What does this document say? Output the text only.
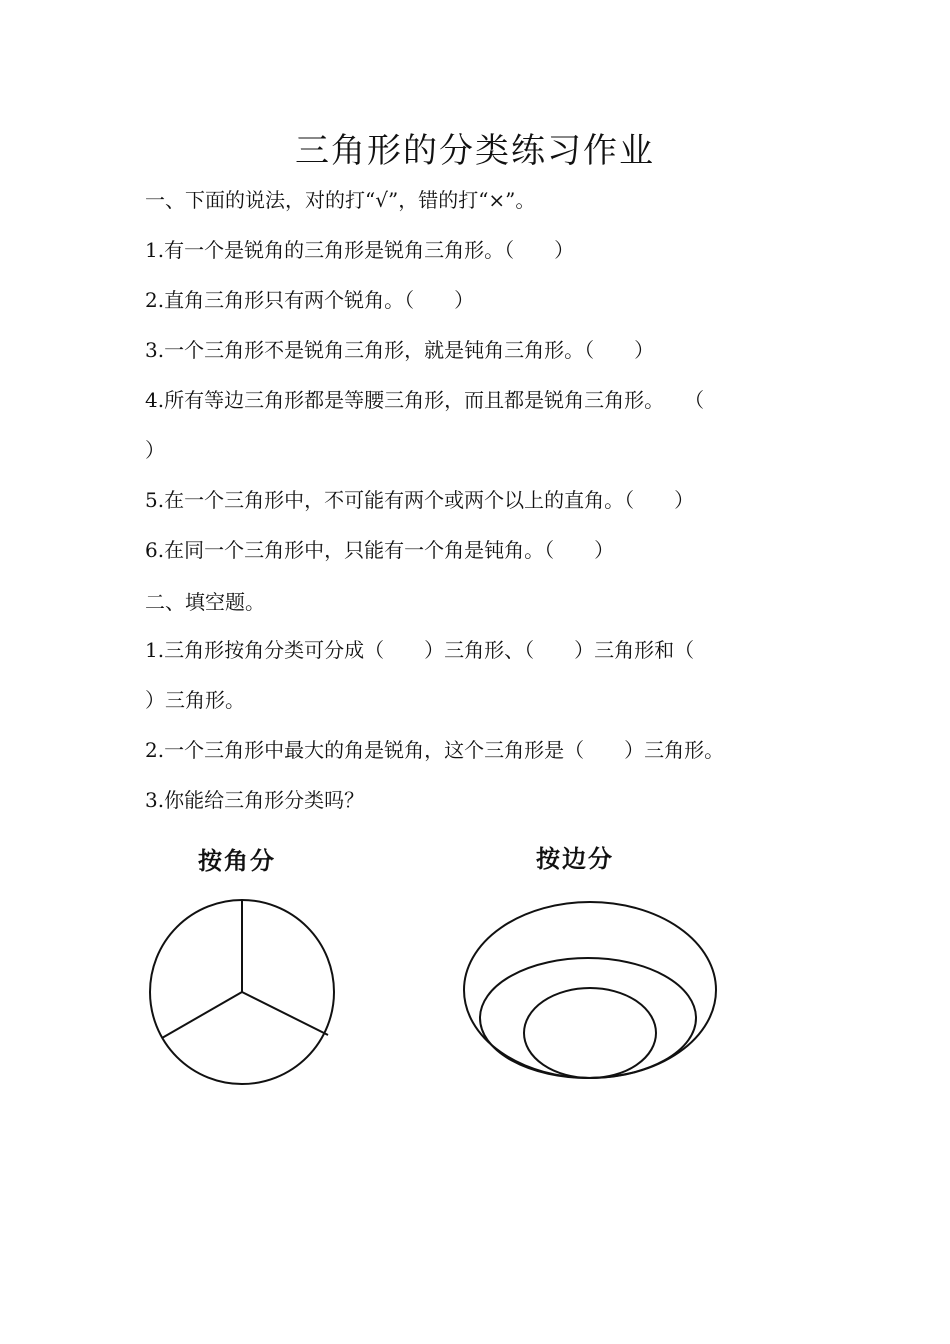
三角形的分类练习作业
一、下面的说法，对的打“√”，错的打“×”。
1.有一个是锐角的三角形是锐角三角形。（　　）
2.直角三角形只有两个锐角。（　　）
3.一个三角形不是锐角三角形，就是钝角三角形。（　　）
4.所有等边三角形都是等腰三角形，而且都是锐角三角形。　　（
）
5.在一个三角形中，不可能有两个或两个以上的直角。（　　）
6.在同一个三角形中，只能有一个角是钝角。（　　）
二、填空题。
1.三角形按角分类可分成（　　）三角形、（　　）三角形和（
）三角形。
2.一个三角形中最大的角是锐角，这个三角形是（　　）三角形。
3.你能给三角形分类吗？
按角分	按边分
